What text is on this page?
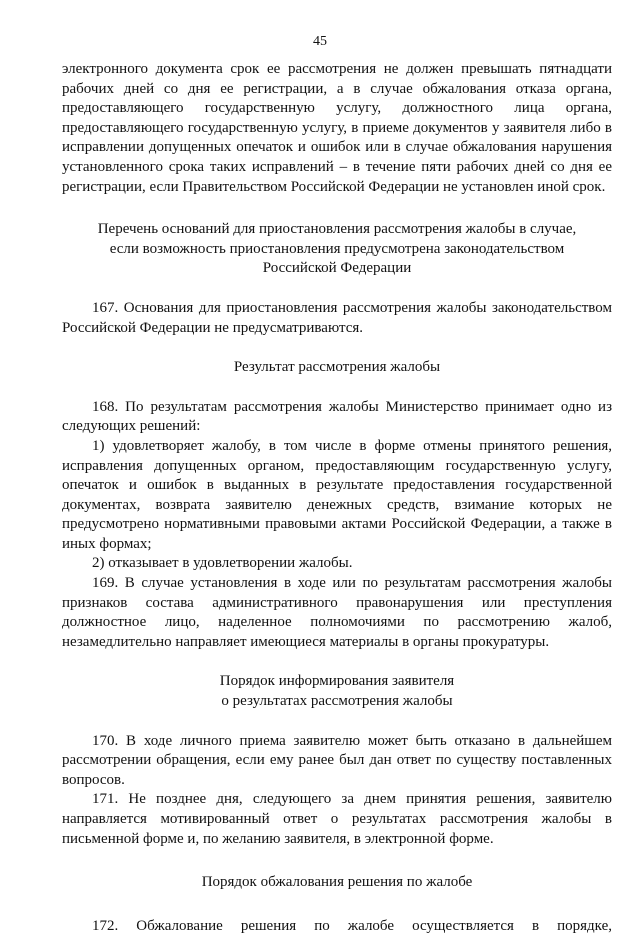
45

электронного документа срок ее рассмотрения не должен превышать пятнадцати рабочих дней со дня ее регистрации, а в случае обжалования отказа органа, предоставляющего государственную услугу, должностного лица органа, предоставляющего государственную услугу, в приеме документов у заявителя либо в исправлении допущенных опечаток и ошибок или в случае обжалования нарушения установленного срока таких исправлений – в течение пяти рабочих дней со дня ее регистрации, если Правительством Российской Федерации не установлен иной срок.

Перечень оснований для приостановления рассмотрения жалобы в случае,
если возможность приостановления предусмотрена законодательством
Российской Федерации

167. Основания для приостановления рассмотрения жалобы законодательством Российской Федерации не предусматриваются.

Результат рассмотрения жалобы

168. По результатам рассмотрения жалобы Министерство принимает одно из следующих решений:

1) удовлетворяет жалобу, в том числе в форме отмены принятого решения, исправления допущенных органом, предоставляющим государственную услугу, опечаток и ошибок в выданных в результате предоставления государственной документах, возврата заявителю денежных средств, взимание которых не предусмотрено нормативными правовыми актами Российской Федерации, а также в иных формах;

2) отказывает в удовлетворении жалобы.

169. В случае установления в ходе или по результатам рассмотрения жалобы признаков состава административного правонарушения или преступления должностное лицо, наделенное полномочиями по рассмотрению жалоб, незамедлительно направляет имеющиеся материалы в органы прокуратуры.

Порядок информирования заявителя
о результатах рассмотрения жалобы

170. В ходе личного приема заявителю может быть отказано в дальнейшем рассмотрении обращения, если ему ранее был дан ответ по существу поставленных вопросов.

171. Не позднее дня, следующего за днем принятия решения, заявителю направляется мотивированный ответ о результатах рассмотрения жалобы в письменной форме и, по желанию заявителя, в электронной форме.

Порядок обжалования решения по жалобе

172. Обжалование решения по жалобе осуществляется в порядке,
